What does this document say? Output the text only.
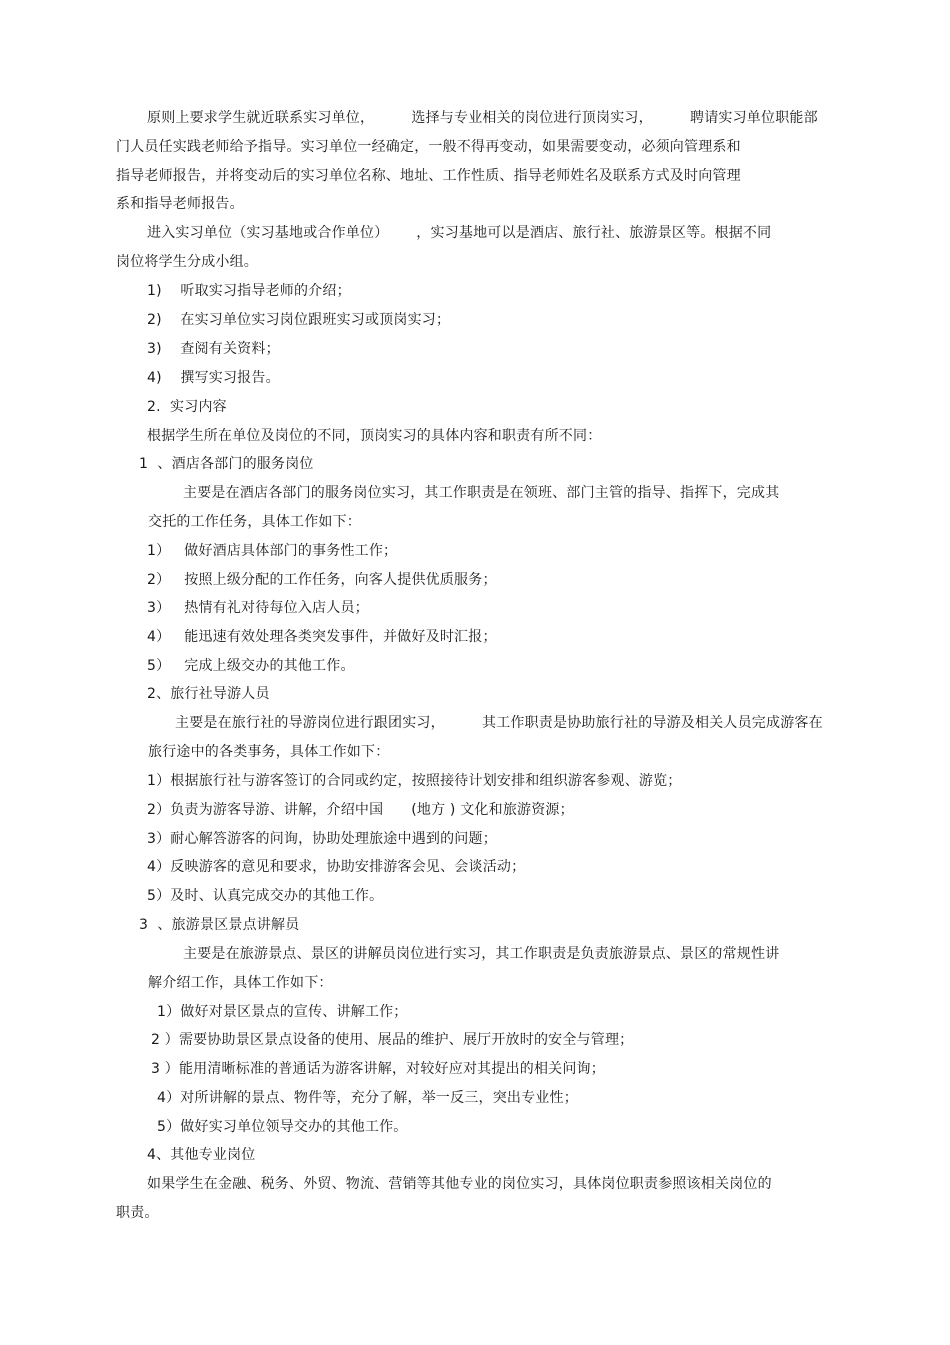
原则上要求学生就近联系实习单位，        选择与专业相关的岗位进行顶岗实习，        聘请实习单位职能部
门人员任实践老师给予指导。实习单位一经确定，一般不得再变动，如果需要变动，必须向管理系和
指导老师报告，并将变动后的实习单位名称、地址、工作性质、指导老师姓名及联系方式及时向管理
系和指导老师报告。
进入实习单位（实习基地或合作单位）      ，实习基地可以是酒店、旅行社、旅游景区等。根据不同
岗位将学生分成小组。
1)    听取实习指导老师的介绍；
2)    在实习单位实习岗位跟班实习或顶岗实习；
3)    查阅有关资料；
4)    撰写实习报告。
2.  实习内容
根据学生所在单位及岗位的不同，顶岗实习的具体内容和职责有所不同：
1  、酒店各部门的服务岗位
主要是在酒店各部门的服务岗位实习，其工作职责是在领班、部门主管的指导、指挥下，完成其
交托的工作任务，具体工作如下：
1）   做好酒店具体部门的事务性工作；
2）   按照上级分配的工作任务，向客人提供优质服务；
3）   热情有礼对待每位入店人员；
4）   能迅速有效处理各类突发事件，并做好及时汇报；
5）   完成上级交办的其他工作。
2、旅行社导游人员
主要是在旅行社的导游岗位进行跟团实习，        其工作职责是协助旅行社的导游及相关人员完成游客在
旅行途中的各类事务，具体工作如下：
1）根据旅行社与游客签订的合同或约定，按照接待计划安排和组织游客参观、游览；
2）负责为游客导游、讲解，介绍中国      (地方 ) 文化和旅游资源；
3）耐心解答游客的问询，协助处理旅途中遇到的问题；
4）反映游客的意见和要求，协助安排游客会见、会谈活动；
5）及时、认真完成交办的其他工作。
3  、旅游景区景点讲解员
主要是在旅游景点、景区的讲解员岗位进行实习，其工作职责是负责旅游景点、景区的常规性讲
解介绍工作，具体工作如下：
1）做好对景区景点的宣传、讲解工作；
2 ）需要协助景区景点设备的使用、展品的维护、展厅开放时的安全与管理；
3 ）能用清晰标准的普通话为游客讲解，对较好应对其提出的相关问询；
4）对所讲解的景点、物件等，充分了解，举一反三，突出专业性；
5）做好实习单位领导交办的其他工作。
4、其他专业岗位
如果学生在金融、税务、外贸、物流、营销等其他专业的岗位实习，具体岗位职责参照该相关岗位的
职责。
